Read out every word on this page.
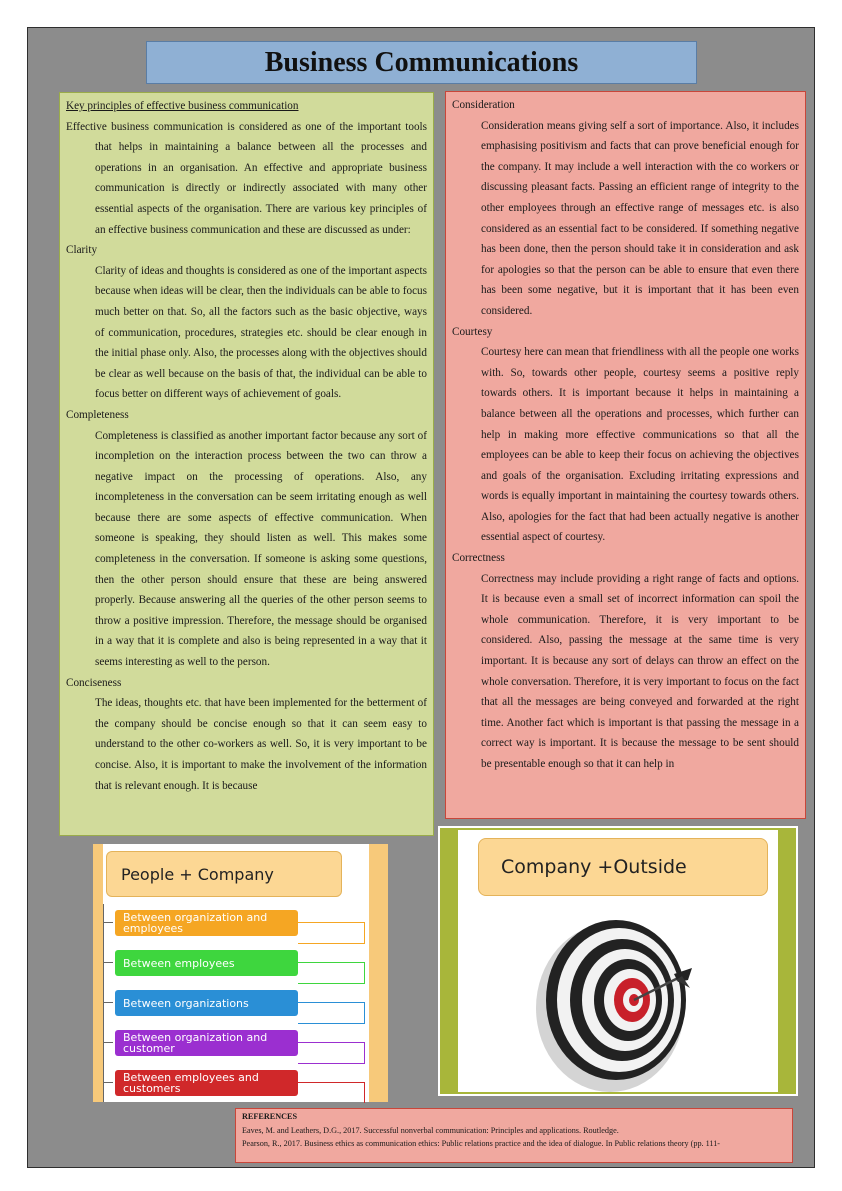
Business Communications

Key principles of effective business communication

Effective business communication is considered as one of the important tools that helps in maintaining a balance between all the processes and operations in an organisation. An effective and appropriate business communication is directly or indirectly associated with many other essential aspects of the organisation. There are various key principles of an effective business communication and these are discussed as under:

Clarity

Clarity of ideas and thoughts is considered as one of the important aspects because when ideas will be clear, then the individuals can be able to focus much better on that. So, all the factors such as the basic objective, ways of communication, procedures, strategies etc. should be clear enough in the initial phase only. Also, the processes along with the objectives should be clear as well because on the basis of that, the individual can be able to focus better on different ways of achievement of goals.

Completeness

Completeness is classified as another important factor because any sort of incompletion on the interaction process between the two can throw a negative impact on the processing of operations. Also, any incompleteness in the conversation can be seem irritating enough as well because there are some aspects of effective communication. When someone is speaking, they should listen as well. This makes some completeness in the conversation. If someone is asking some questions, then the other person should ensure that these are being answered properly. Because answering all the queries of the other person seems to throw a positive impression. Therefore, the message should be organised in a way that it is complete and also is being represented in a way that it seems interesting as well to the person.

Conciseness

The ideas, thoughts etc. that have been implemented for the betterment of the company should be concise enough so that it can seem easy to understand to the other co-workers as well. So, it is very important to be concise. Also, it is important to make the involvement of the information that is relevant enough. It is because

Consideration

Consideration means giving self a sort of importance. Also, it includes emphasising positivism and facts that can prove beneficial enough for the company. It may include a well interaction with the co workers or discussing pleasant facts. Passing an efficient range of integrity to the other employees through an effective range of messages etc. is also considered as an essential fact to be considered. If something negative has been done, then the person should take it in consideration and ask for apologies so that the person can be able to ensure that even there has been some negative, but it is important that it has been even considered.

Courtesy

Courtesy here can mean that friendliness with all the people one works with. So, towards other people, courtesy seems a positive reply towards others. It is important because it helps in maintaining a balance between all the operations and processes, which further can help in making more effective communications so that all the employees can be able to keep their focus on achieving the objectives and goals of the organisation. Excluding irritating expressions and words is equally important in maintaining the courtesy towards others. Also, apologies for the fact that had been actually negative is another essential aspect of courtesy.

Correctness

Correctness may include providing a right range of facts and options. It is because even a small set of incorrect information can spoil the whole communication. Therefore, it is very important to be considered. Also, passing the message at the same time is very important. It is because any sort of delays can throw an effect on the whole conversation. Therefore, it is very important to focus on the fact that all the messages are being conveyed and forwarded at the right time. Another fact which is important is that passing the message in a correct way is important. It is because the message to be sent should be presentable enough so that it can help in

People + Company
Between organization and employees
Between employees
Between organizations
Between organization and customer
Between employees and customers
Company +Outside

REFERENCES

Eaves, M. and Leathers, D.G., 2017. Successful nonverbal communication: Principles and applications. Routledge.

Pearson, R., 2017. Business ethics as communication ethics: Public relations practice and the idea of dialogue. In Public relations theory (pp. 111-
